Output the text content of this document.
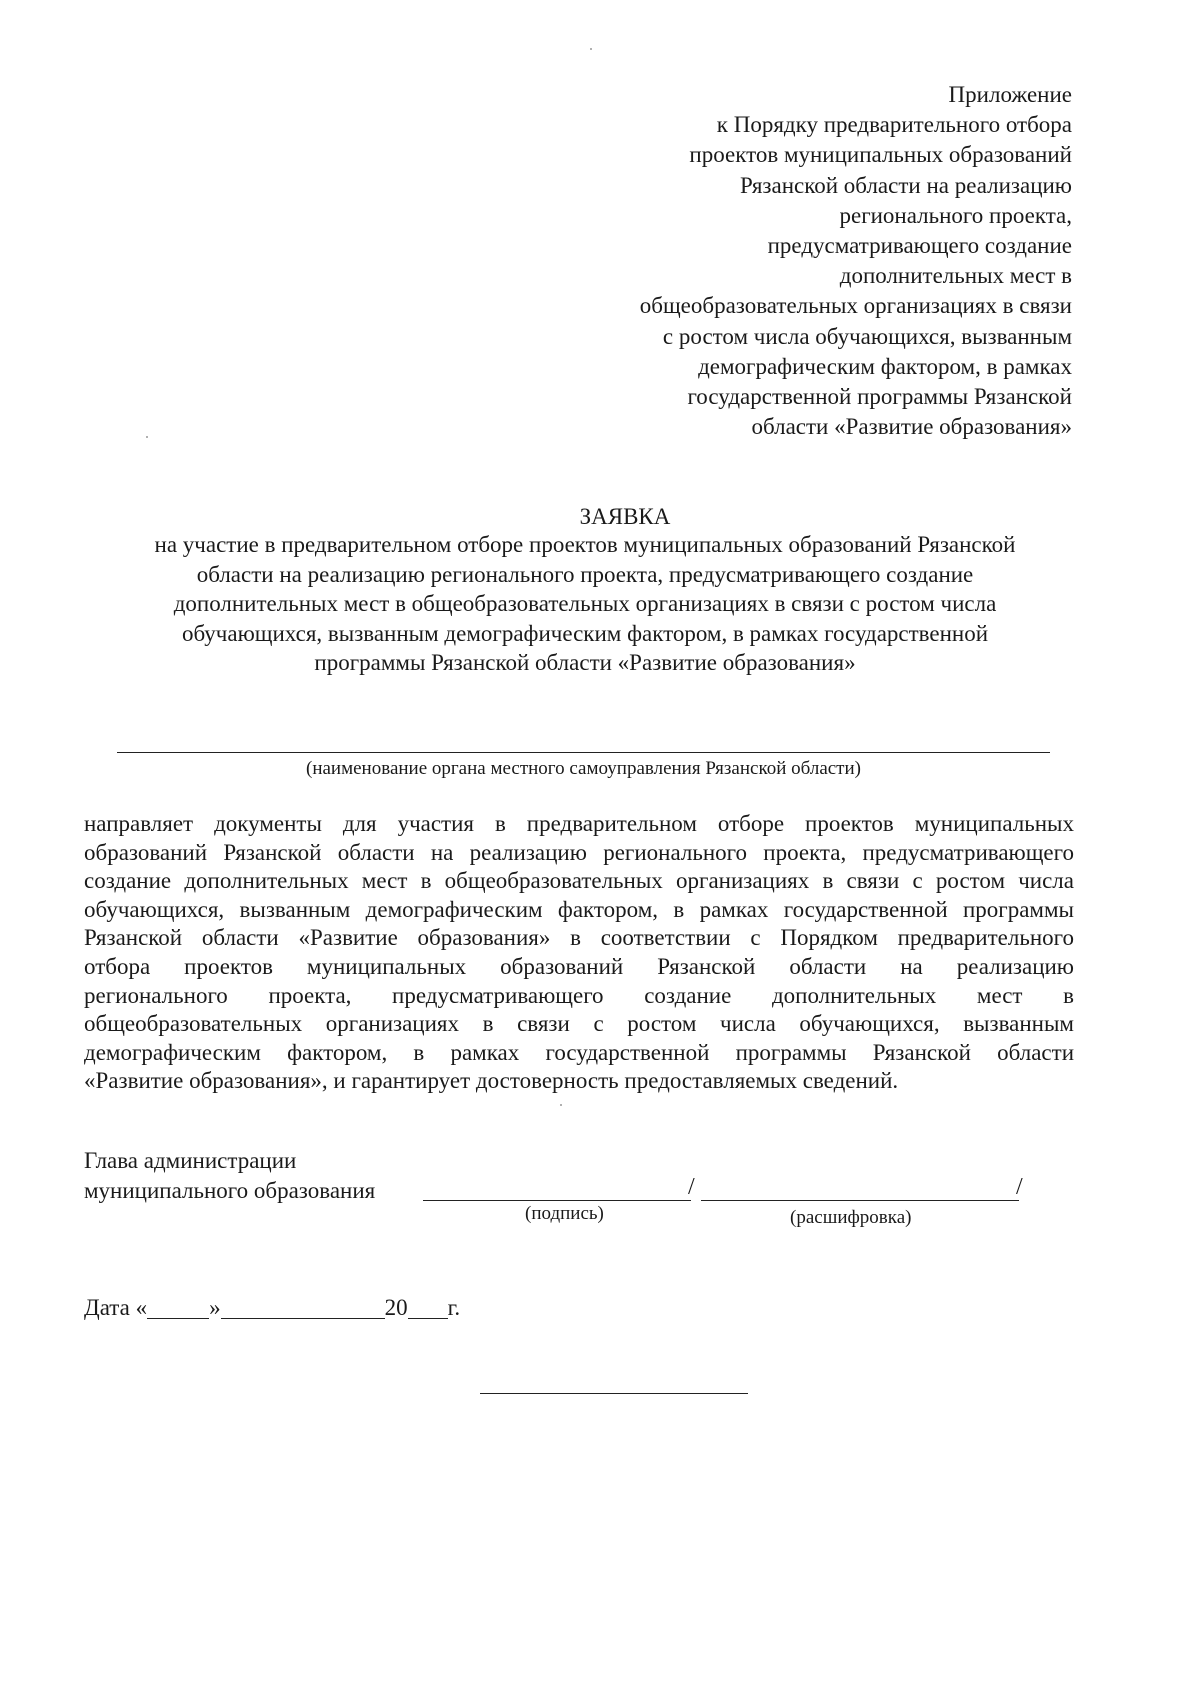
Приложение
к Порядку предварительного отбора
проектов муниципальных образований
Рязанской области на реализацию
регионального проекта,
предусматривающего создание
дополнительных мест в
общеобразовательных организациях в связи
с ростом числа обучающихся, вызванным
демографическим фактором, в рамках
государственной программы Рязанской
области «Развитие образования»
ЗАЯВКА
на участие в предварительном отборе проектов муниципальных образований Рязанской
области на реализацию регионального проекта, предусматривающего создание
дополнительных мест в общеобразовательных организациях в связи с ростом числа
обучающихся, вызванным демографическим фактором, в рамках государственной
программы Рязанской области «Развитие образования»
(наименование органа местного самоуправления Рязанской области)
направляет документы для участия в предварительном отборе проектов муниципальных
образований Рязанской области на реализацию регионального проекта, предусматривающего
создание дополнительных мест в общеобразовательных организациях в связи с ростом числа
обучающихся, вызванным демографическим фактором, в рамках государственной программы
Рязанской области «Развитие образования» в соответствии с Порядком предварительного
отбора проектов муниципальных образований Рязанской области на реализацию
регионального проекта, предусматривающего создание дополнительных мест в
общеобразовательных организациях в связи с ростом числа обучающихся, вызванным
демографическим фактором, в рамках государственной программы Рязанской области
«Развитие образования», и гарантирует достоверность предоставляемых сведений.
Глава администрации
муниципального образования	/	/
(подпись)	(расшифровка)
Дата «	»	20 г.
